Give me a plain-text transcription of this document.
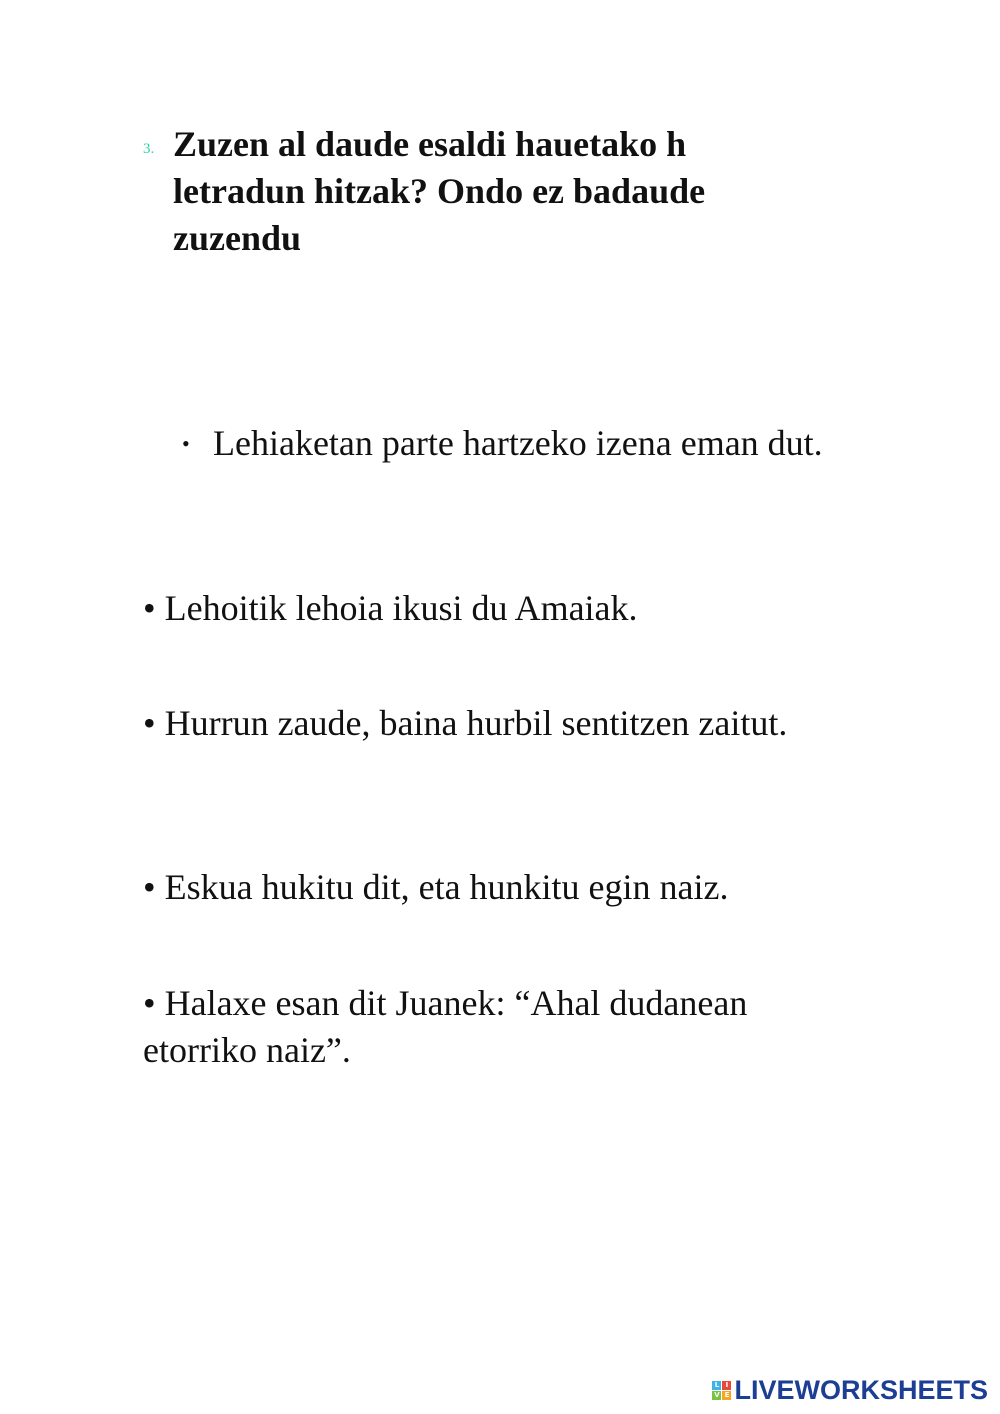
3. Zuzen al daude esaldi hauetako h letradun hitzak? Ondo ez badaude zuzendu
• Lehiaketan parte hartzeko izena eman dut.
• Lehoitik lehoia ikusi du Amaiak.
• Hurrun zaude, baina hurbil sentitzen zaitut.
• Eskua hukitu dit, eta hunkitu egin naiz.
• Halaxe esan dit Juanek: “Ahal dudanean etorriko naiz”.
L I
V E LIVEWORKSHEETS
